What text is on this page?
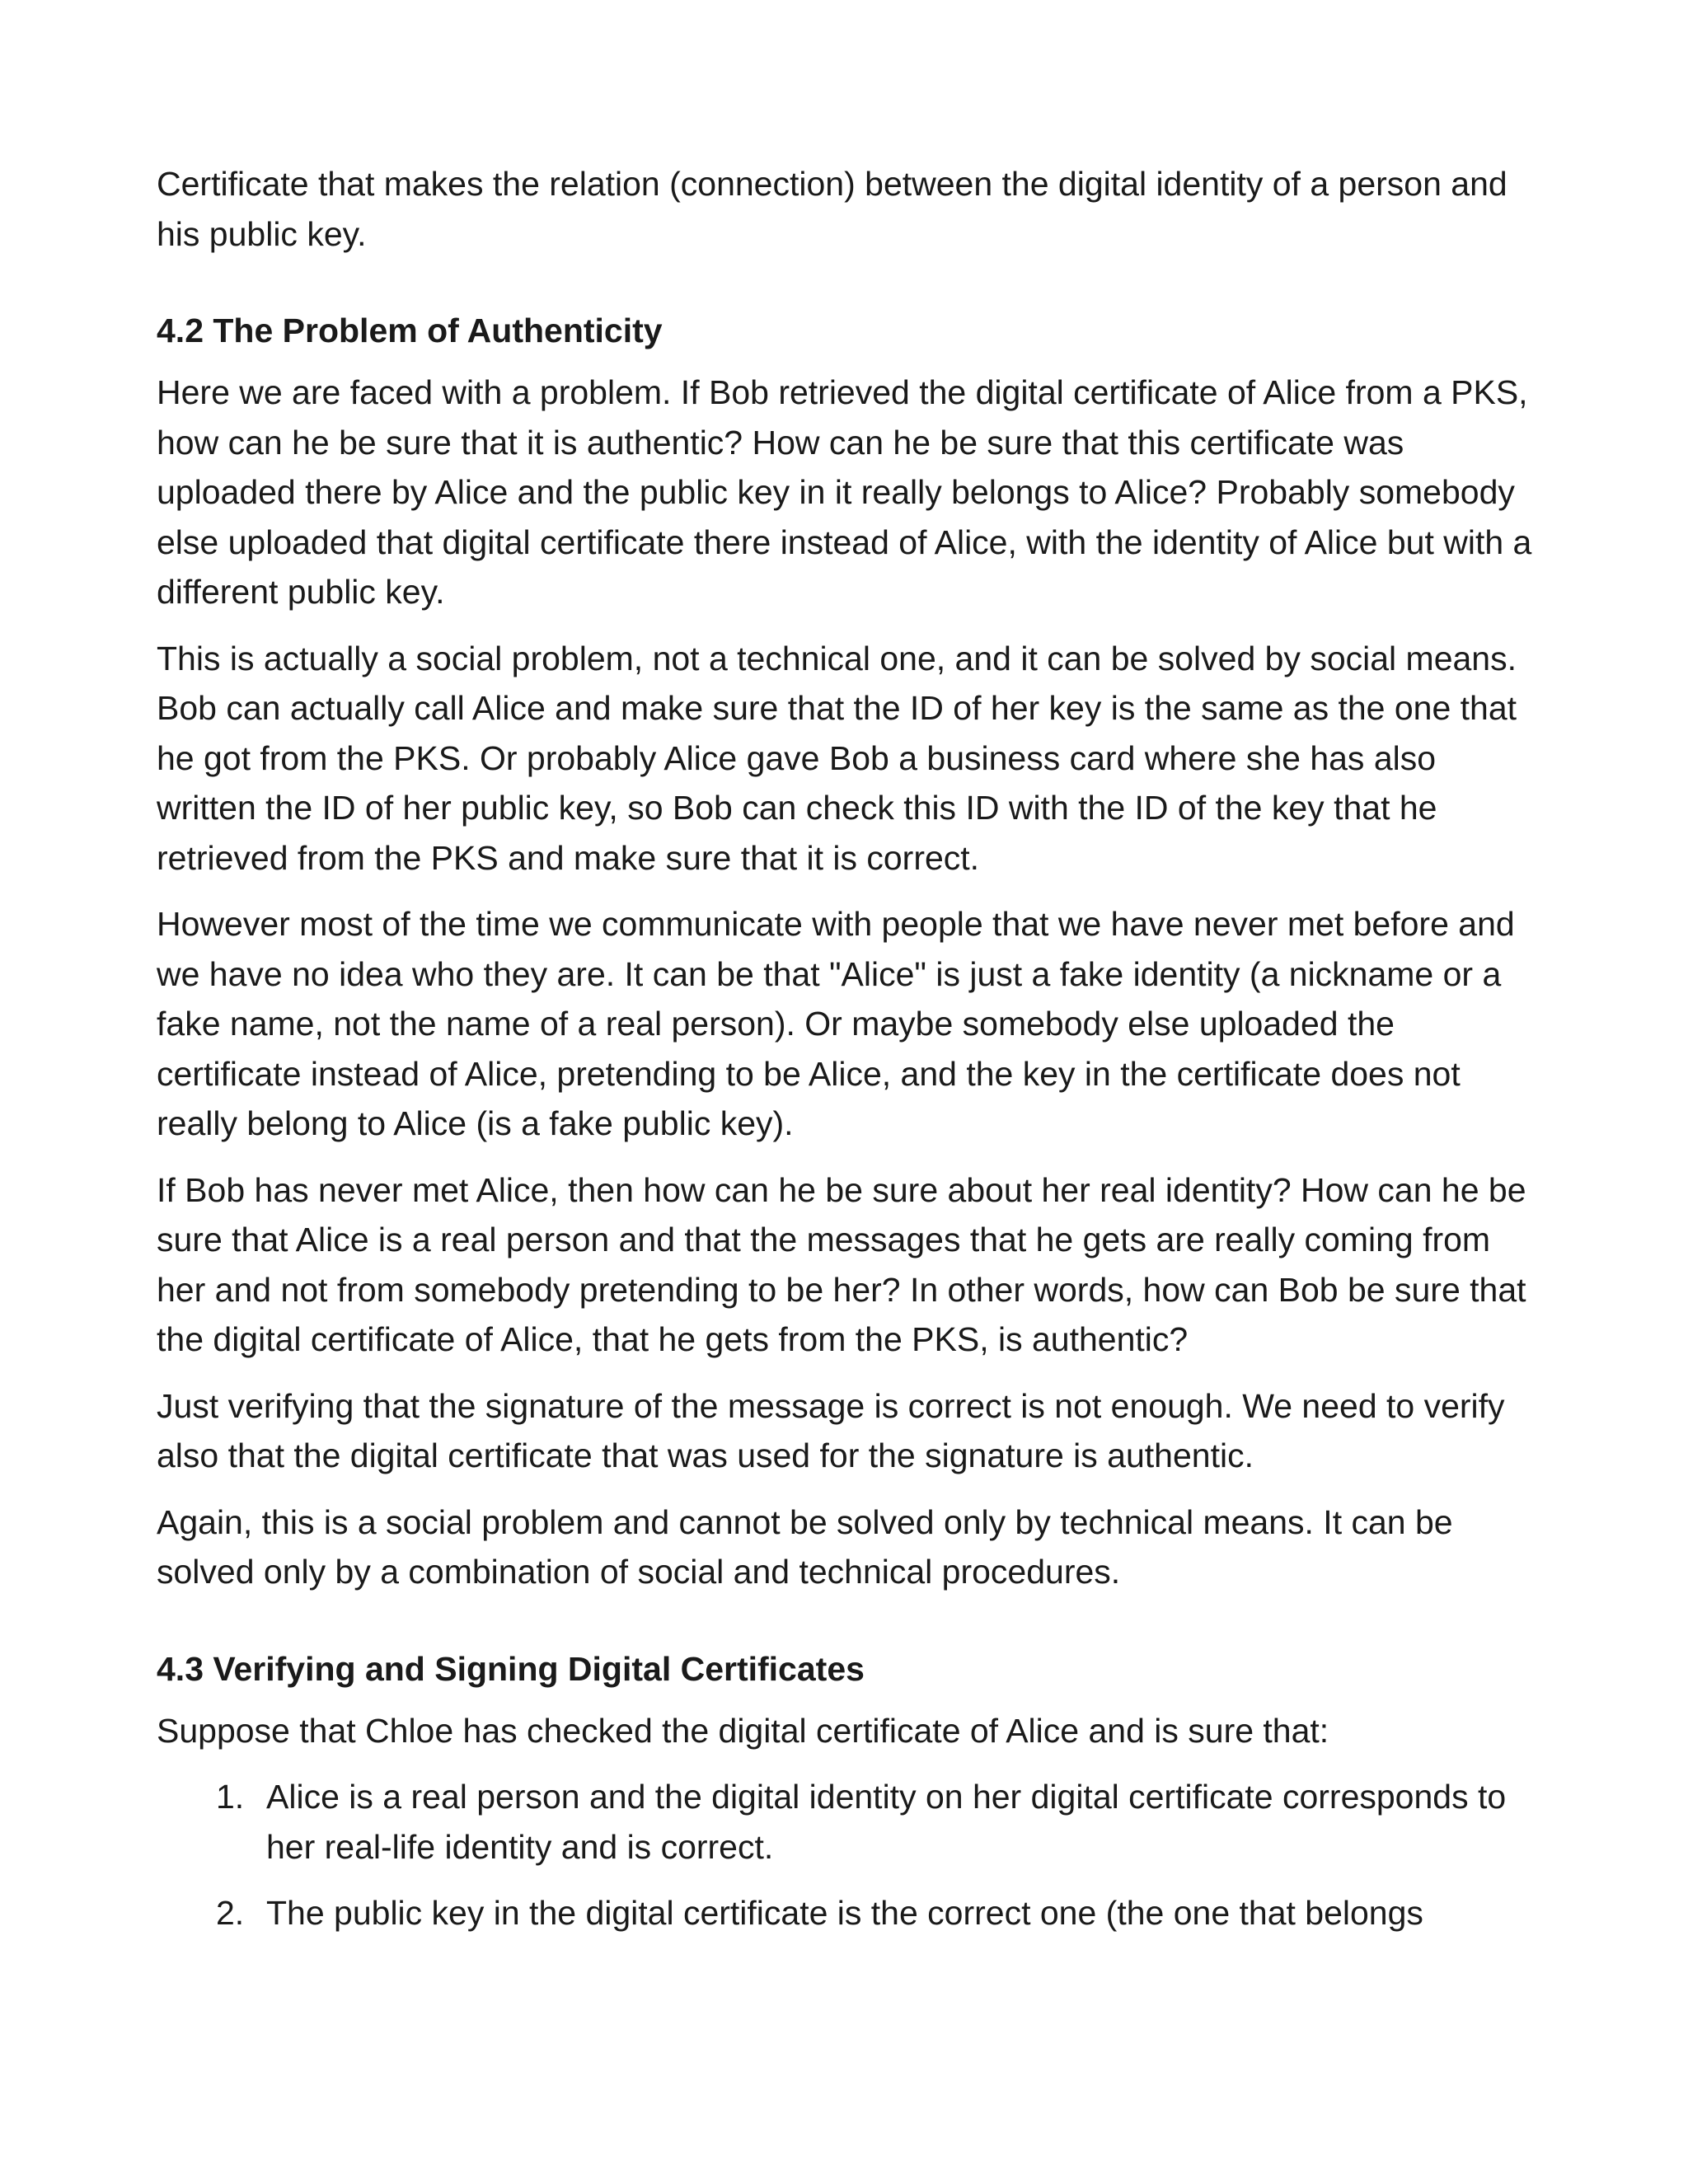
Certificate that makes the relation (connection) between the digital identity of a person and his public key.

4.2 The Problem of Authenticity

Here we are faced with a problem. If Bob retrieved the digital certificate of Alice from a PKS, how can he be sure that it is authentic? How can he be sure that this certificate was uploaded there by Alice and the public key in it really belongs to Alice? Probably somebody else uploaded that digital certificate there instead of Alice, with the identity of Alice but with a different public key.

This is actually a social problem, not a technical one, and it can be solved by social means. Bob can actually call Alice and make sure that the ID of her key is the same as the one that he got from the PKS. Or probably Alice gave Bob a business card where she has also written the ID of her public key, so Bob can check this ID with the ID of the key that he retrieved from the PKS and make sure that it is correct.

However most of the time we communicate with people that we have never met before and we have no idea who they are. It can be that "Alice" is just a fake identity (a nickname or a fake name, not the name of a real person). Or maybe somebody else uploaded the certificate instead of Alice, pretending to be Alice, and the key in the certificate does not really belong to Alice (is a fake public key).

If Bob has never met Alice, then how can he be sure about her real identity? How can he be sure that Alice is a real person and that the messages that he gets are really coming from her and not from somebody pretending to be her? In other words, how can Bob be sure that the digital certificate of Alice, that he gets from the PKS, is authentic?

Just verifying that the signature of the message is correct is not enough. We need to verify also that the digital certificate that was used for the signature is authentic.

Again, this is a social problem and cannot be solved only by technical means. It can be solved only by a combination of social and technical procedures.

4.3 Verifying and Signing Digital Certificates

Suppose that Chloe has checked the digital certificate of Alice and is sure that:

1. Alice is a real person and the digital identity on her digital certificate corresponds to her real-life identity and is correct.
2. The public key in the digital certificate is the correct one (the one that belongs
